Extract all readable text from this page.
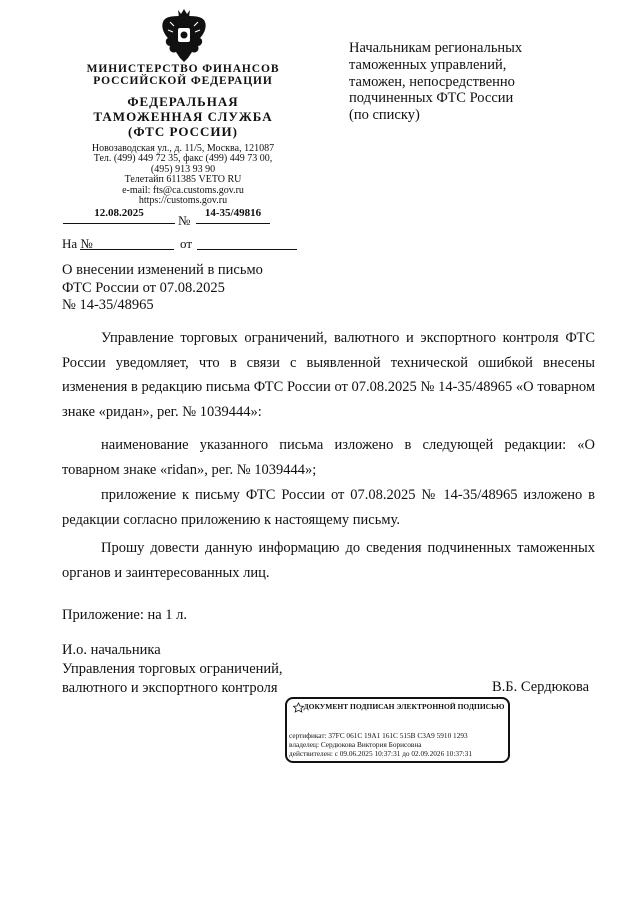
МИНИСТЕРСТВО ФИНАНСОВ
РОССИЙСКОЙ ФЕДЕРАЦИИ
ФЕДЕРАЛЬНАЯ
ТАМОЖЕННАЯ СЛУЖБА
(ФТС РОССИИ)
Новозаводская ул., д. 11/5, Москва, 121087
Тел. (499) 449 72 35, факс (499) 449 73 00,
(495) 913 93 90
Телетайп 611385 VETO RU
e-mail: fts@ca.customs.gov.ru
https://customs.gov.ru
12.08.2025	№	14-35/49816
На №	от
Начальникам региональных
таможенных управлений,
таможен, непосредственно
подчиненных ФТС России
(по списку)
О внесении изменений в письмо
ФТС России от 07.08.2025
№ 14-35/48965

Управление торговых ограничений, валютного и экспортного контроля ФТС России уведомляет, что в связи с выявленной технической ошибкой внесены изменения в редакцию письма ФТС России от 07.08.2025 № 14-35/48965 «О товарном знаке «ридан», рег. № 1039444»:

наименование указанного письма изложено в следующей редакции: «О товарном знаке «ridan», рег. № 1039444»;

приложение к письму ФТС России от 07.08.2025 № 14-35/48965 изложено в редакции согласно приложению к настоящему письму.

Прошу довести данную информацию до сведения подчиненных таможенных органов и заинтересованных лиц.

Приложение: на 1 л.
И.о. начальника
Управления торговых ограничений,
валютного и экспортного контроля	В.Б. Сердюкова
ДОКУМЕНТ ПОДПИСАН ЭЛЕКТРОННОЙ ПОДПИСЬЮ
сертификат: 37FC 061C 19A1 161C 515B C3A9 5910 1293
владелец: Сердюкова Виктория Борисовна
действителен: с 09.06.2025 10:37:31 до 02.09.2026 10:37:31
